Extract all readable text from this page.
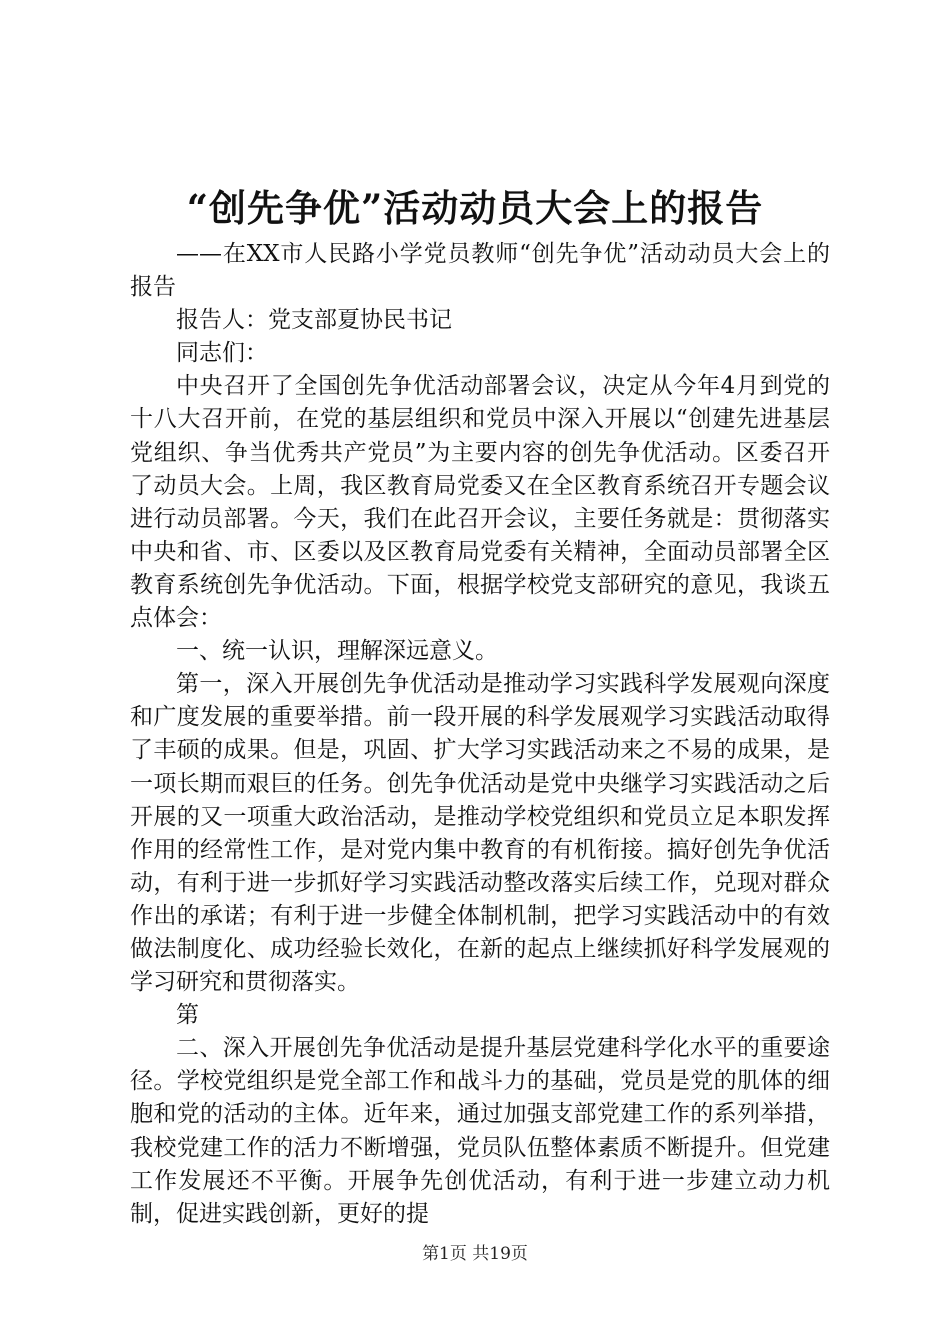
“创先争优”活动动员大会上的报告

——在XX市人民路小学党员教师“创先争优”活动动员大会上的报告

报告人：党支部夏协民书记

同志们：

中央召开了全国创先争优活动部署会议，决定从今年4月到党的十八大召开前，在党的基层组织和党员中深入开展以“创建先进基层党组织、争当优秀共产党员”为主要内容的创先争优活动。区委召开了动员大会。上周，我区教育局党委又在全区教育系统召开专题会议进行动员部署。今天，我们在此召开会议，主要任务就是：贯彻落实中央和省、市、区委以及区教育局党委有关精神，全面动员部署全区教育系统创先争优活动。下面，根据学校党支部研究的意见，我谈五点体会：

一、统一认识，理解深远意义。

第一，深入开展创先争优活动是推动学习实践科学发展观向深度和广度发展的重要举措。前一段开展的科学发展观学习实践活动取得了丰硕的成果。但是，巩固、扩大学习实践活动来之不易的成果，是一项长期而艰巨的任务。创先争优活动是党中央继学习实践活动之后开展的又一项重大政治活动，是推动学校党组织和党员立足本职发挥作用的经常性工作，是对党内集中教育的有机衔接。搞好创先争优活动，有利于进一步抓好学习实践活动整改落实后续工作，兑现对群众作出的承诺；有利于进一步健全体制机制，把学习实践活动中的有效做法制度化、成功经验长效化，在新的起点上继续抓好科学发展观的学习研究和贯彻落实。

第

二、深入开展创先争优活动是提升基层党建科学化水平的重要途径。学校党组织是党全部工作和战斗力的基础，党员是党的肌体的细胞和党的活动的主体。近年来，通过加强支部党建工作的系列举措，我校党建工作的活力不断增强，党员队伍整体素质不断提升。但党建工作发展还不平衡。开展争先创优活动，有利于进一步建立动力机制，促进实践创新，更好的提

第1页 共19页
